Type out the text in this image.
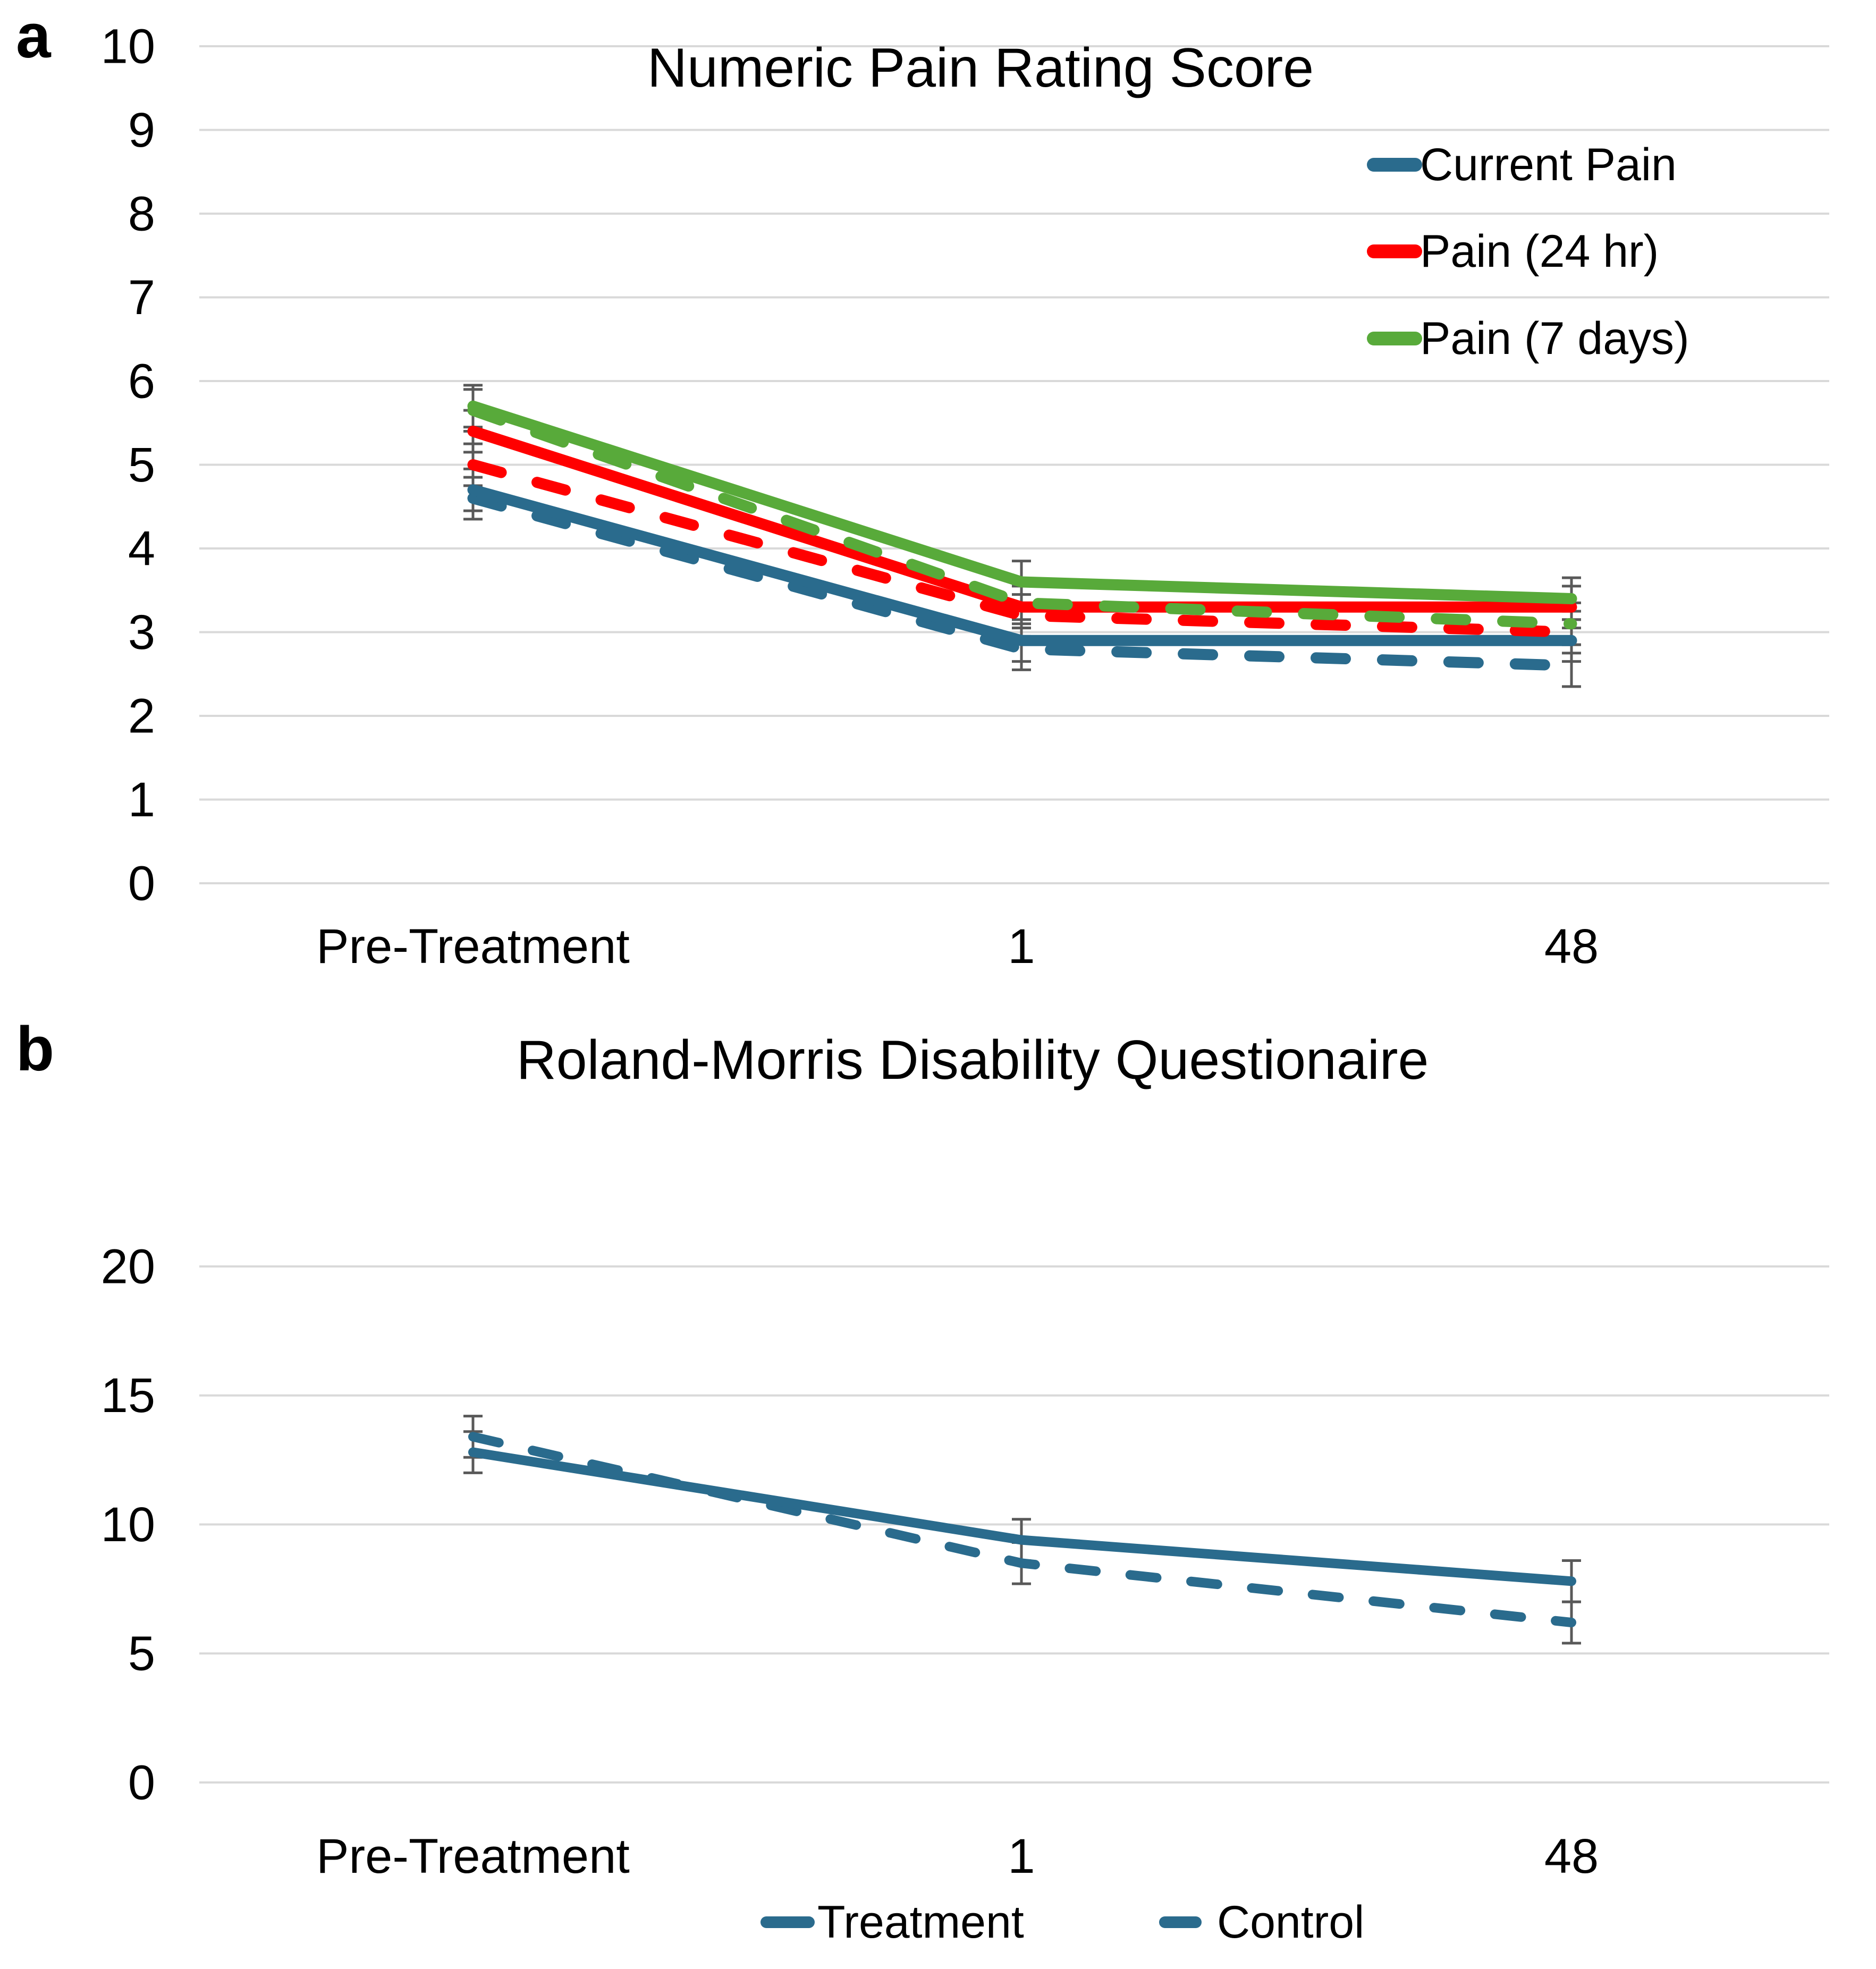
10
9
8
7
6
5
4
3
2
1
0
a	Numeric Pain Rating Score
Pre-Treatment	1	48
Current Pain
Pain (24 hr)
Pain (7 days)
20
15
10
5
0
b	Roland-Morris Disability Questionaire
Pre-Treatment	1	48
Treatment	Control
